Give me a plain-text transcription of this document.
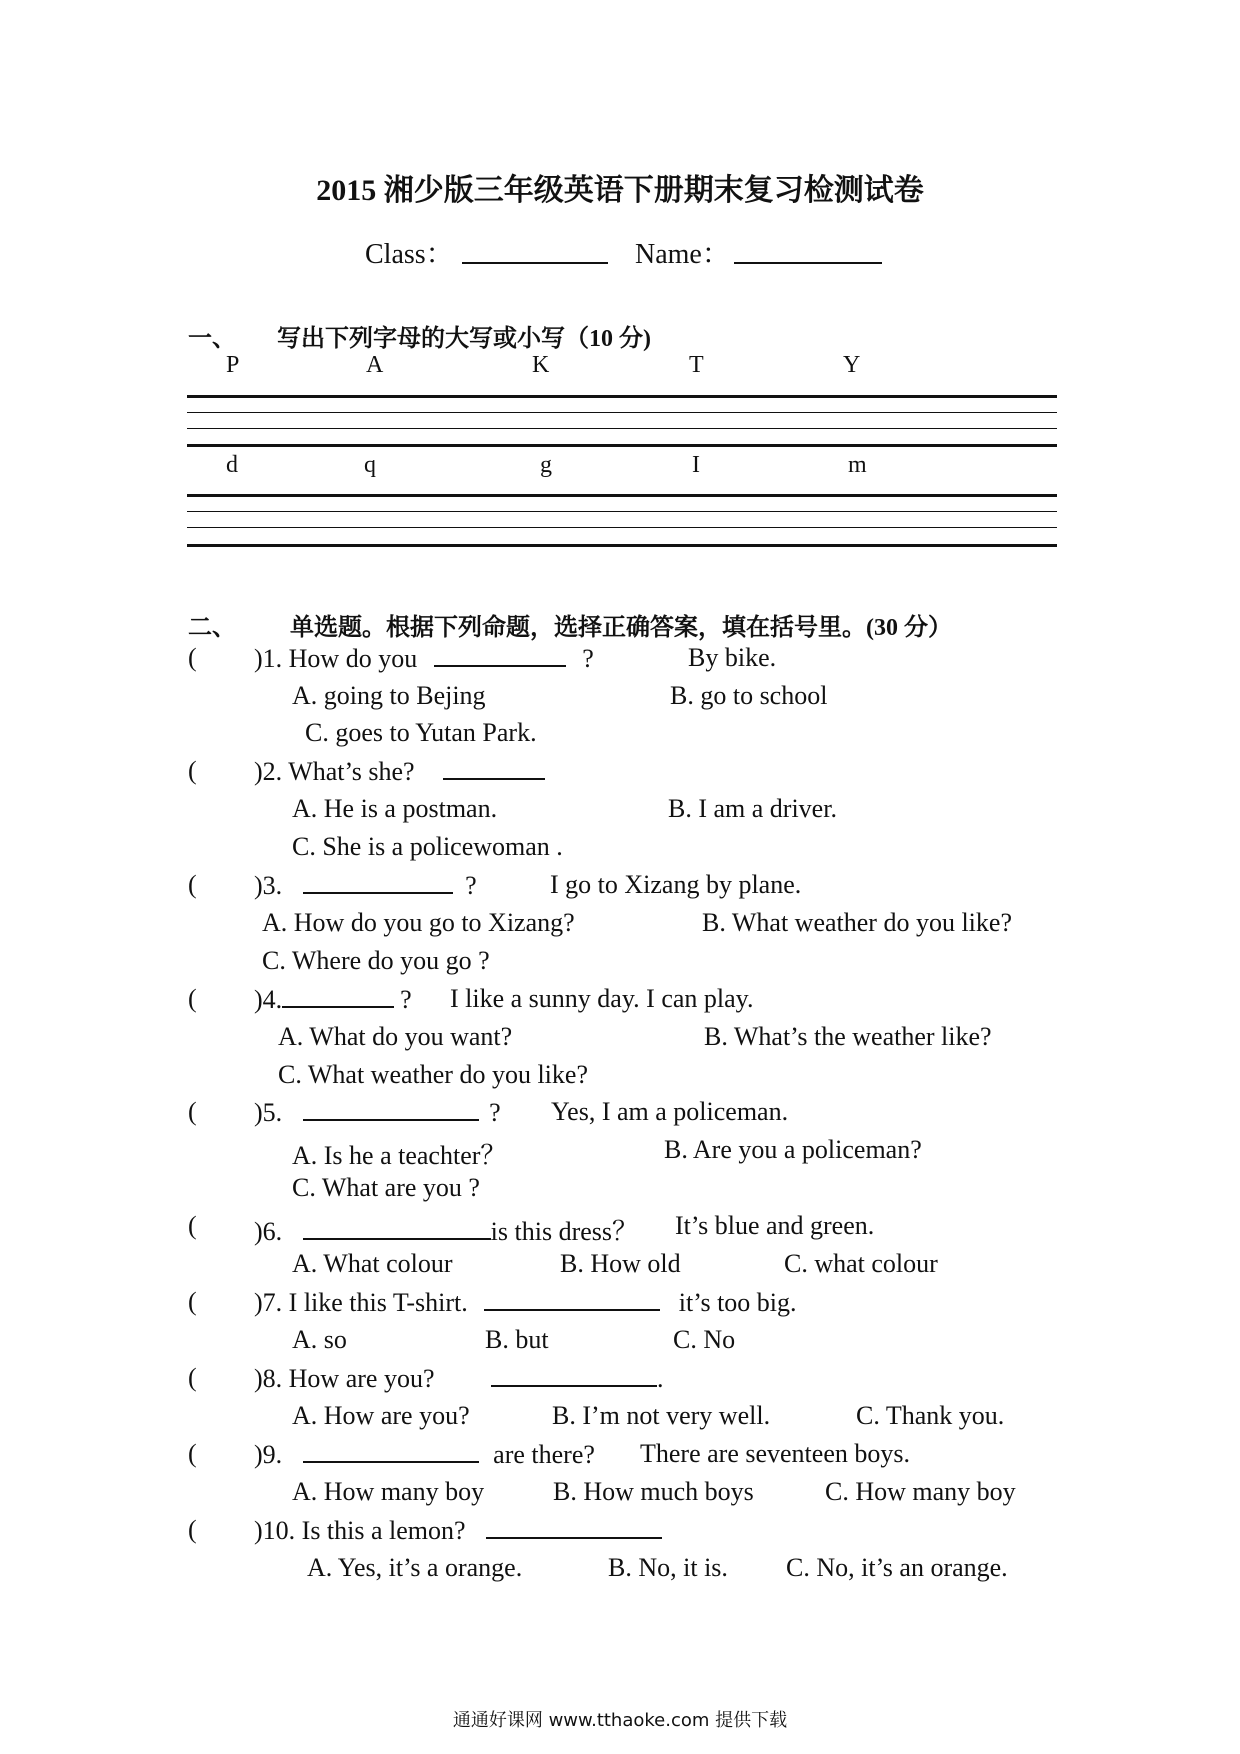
2015 湘少版三年级英语下册期末复习检测试卷
Class：	Name：
一、 写出下列字母的大写或小写（10 分)
P	A	K	T	Y
d	q	g	I	m
二、 单选题。根据下列命题，选择正确答案，填在括号里。(30 分）
( )1. How do you	?	By bike.
A. going to Bejing	B. go to school
C. goes to Yutan Park.
( )2. What’s she?
A. He is a postman.	B. I am a driver.
C. She is a policewoman .
( )3.	?	I go to Xizang by plane.
A. How do you go to Xizang?	B. What weather do you like?
C. Where do you go ?
( )4.	? I like a sunny day. I can play.
A. What do you want?	B. What’s the weather like?
C. What weather do you like?
( )5.	? Yes, I am a policeman.
A. Is he a teachter？	B. Are you a policeman?
C. What are you ?
( )6.	is this dress？ It’s blue and green.
A. What colour	B. How old	C. what colour
( )7. I like this T-shirt.	it’s too big.
A. so	B. but	C. No
( )8. How are you?	.
A. How are you?	B. I’m not very well.	C. Thank you.
( )9.	are there? There are seventeen boys.
A. How many boy	B. How much boys	C. How many boy
( )10. Is this a lemon?
A. Yes, it’s a orange.	B. No, it is. C. No, it’s an orange.
通通好课网 www.tthaoke.com 提供下载
